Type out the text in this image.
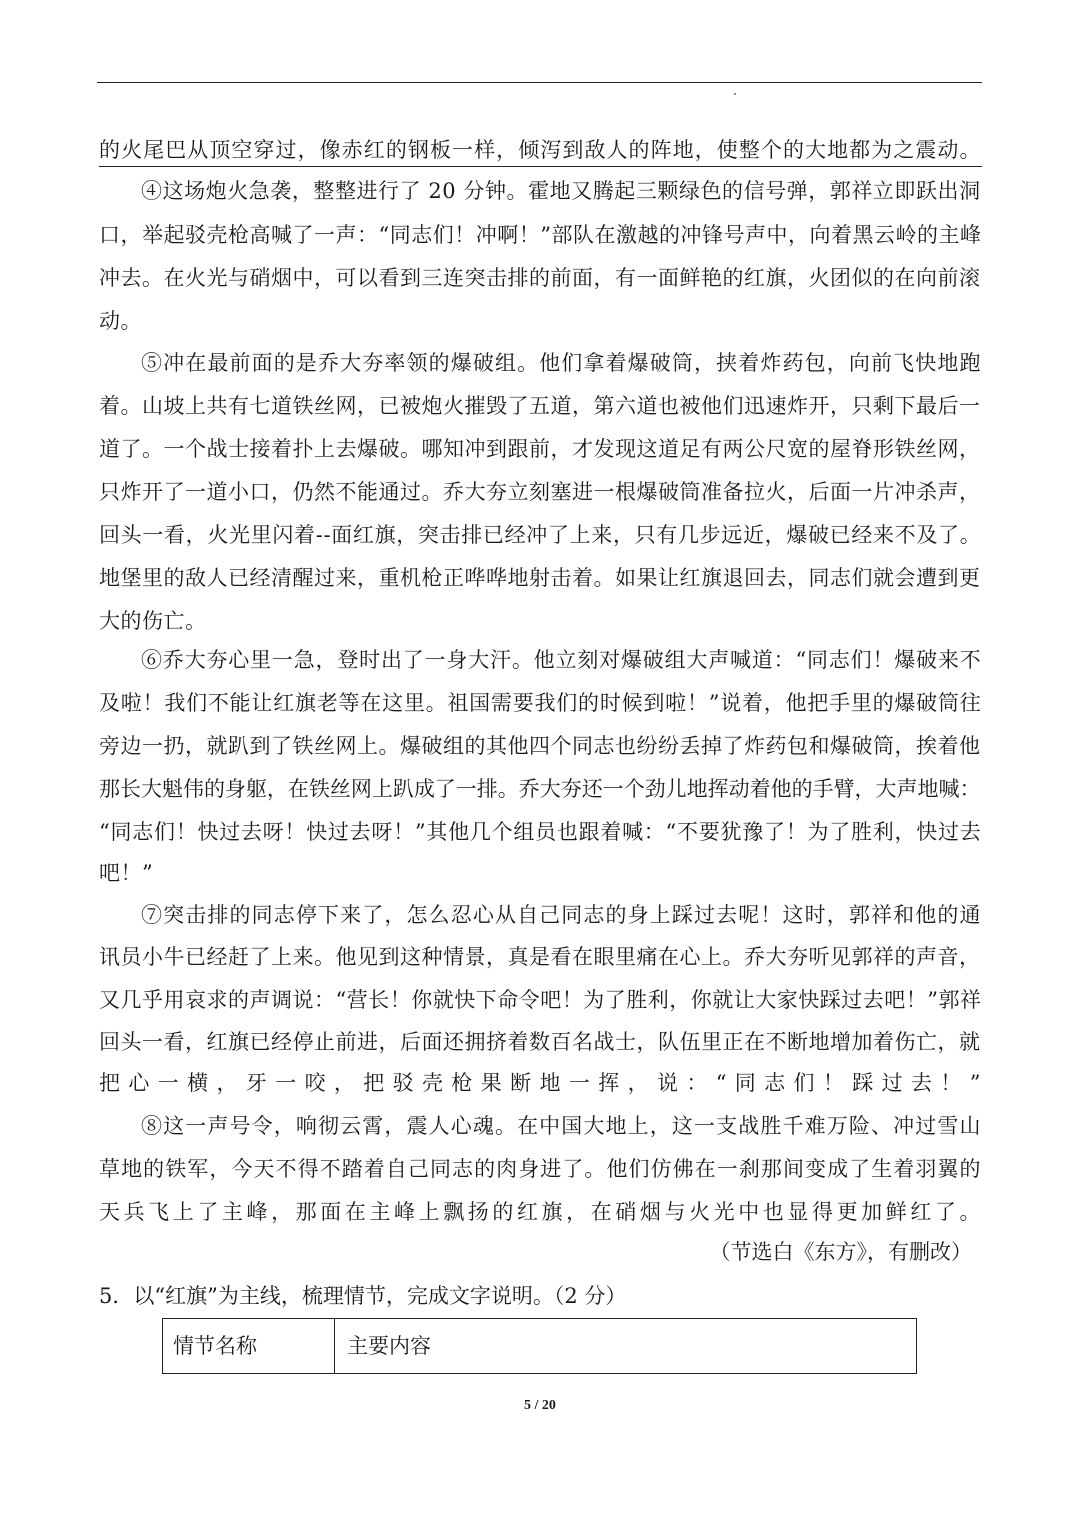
的火尾巴从顶空穿过，像赤红的钢板一样，倾泻到敌人的阵地，使整个的大地都为之震动。
④这场炮火急袭，整整进行了 20 分钟。霍地又腾起三颗绿色的信号弹，郭祥立即跃出洞
口，举起驳壳枪高喊了一声：“同志们！冲啊！”部队在激越的冲锋号声中，向着黑云岭的主峰
冲去。在火光与硝烟中，可以看到三连突击排的前面，有一面鲜艳的红旗，火团似的在向前滚
动。
⑤冲在最前面的是乔大夯率领的爆破组。他们拿着爆破筒，挟着炸药包，向前飞快地跑
着。山坡上共有七道铁丝网，已被炮火摧毁了五道，第六道也被他们迅速炸开，只剩下最后一
道了。一个战士接着扑上去爆破。哪知冲到跟前，才发现这道足有两公尺宽的屋脊形铁丝网，
只炸开了一道小口，仍然不能通过。乔大夯立刻塞进一根爆破筒准备拉火，后面一片冲杀声，
回头一看，火光里闪着--面红旗，突击排已经冲了上来，只有几步远近，爆破已经来不及了。
地堡里的敌人已经清醒过来，重机枪正哗哗地射击着。如果让红旗退回去，同志们就会遭到更
大的伤亡。
⑥乔大夯心里一急，登时出了一身大汗。他立刻对爆破组大声喊道：“同志们！爆破来不
及啦！我们不能让红旗老等在这里。祖国需要我们的时候到啦！”说着，他把手里的爆破筒往
旁边一扔，就趴到了铁丝网上。爆破组的其他四个同志也纷纷丢掉了炸药包和爆破筒，挨着他
那长大魁伟的身躯，在铁丝网上趴成了一排。乔大夯还一个劲儿地挥动着他的手臂，大声地喊：
“同志们！快过去呀！快过去呀！”其他几个组员也跟着喊：“不要犹豫了！为了胜利，快过去
吧！”
⑦突击排的同志停下来了，怎么忍心从自己同志的身上踩过去呢！这时，郭祥和他的通
讯员小牛已经赶了上来。他见到这种情景，真是看在眼里痛在心上。乔大夯听见郭祥的声音，
又几乎用哀求的声调说：“营长！你就快下命令吧！为了胜利，你就让大家快踩过去吧！”郭祥
回头一看，红旗已经停止前进，后面还拥挤着数百名战士，队伍里正在不断地增加着伤亡，就
把心一横，牙一咬，把驳壳枪果断地一挥，说：“同志们！踩过去！”
⑧这一声号令，响彻云霄，震人心魂。在中国大地上，这一支战胜千难万险、冲过雪山
草地的铁军，今天不得不踏着自己同志的肉身进了。他们仿佛在一刹那间变成了生着羽翼的
天兵飞上了主峰，那面在主峰上飘扬的红旗，在硝烟与火光中也显得更加鲜红了。
（节选白《东方》，有删改）
5．以“红旗”为主线，梳理情节，完成文字说明。（2 分）
情节名称	主要内容
5 / 20
